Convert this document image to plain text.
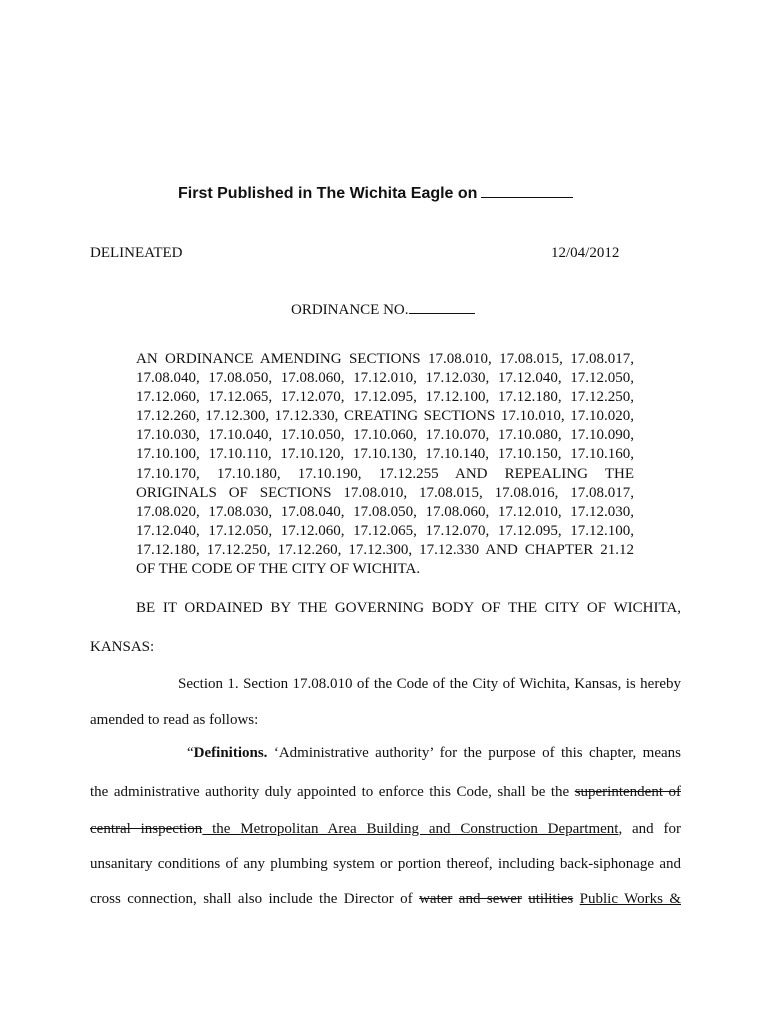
First Published in The Wichita Eagle on
DELINEATED	12/04/2012
ORDINANCE NO.
AN ORDINANCE AMENDING SECTIONS 17.08.010, 17.08.015, 17.08.017,
17.08.040, 17.08.050, 17.08.060, 17.12.010, 17.12.030, 17.12.040, 17.12.050,
17.12.060, 17.12.065, 17.12.070, 17.12.095, 17.12.100, 17.12.180, 17.12.250,
17.12.260, 17.12.300, 17.12.330, CREATING SECTIONS 17.10.010, 17.10.020,
17.10.030, 17.10.040, 17.10.050, 17.10.060, 17.10.070, 17.10.080, 17.10.090,
17.10.100, 17.10.110, 17.10.120, 17.10.130, 17.10.140, 17.10.150, 17.10.160,
17.10.170, 17.10.180, 17.10.190, 17.12.255 AND REPEALING THE
ORIGINALS OF SECTIONS 17.08.010, 17.08.015, 17.08.016, 17.08.017,
17.08.020, 17.08.030, 17.08.040, 17.08.050, 17.08.060, 17.12.010, 17.12.030,
17.12.040, 17.12.050, 17.12.060, 17.12.065, 17.12.070, 17.12.095, 17.12.100,
17.12.180, 17.12.250, 17.12.260, 17.12.300, 17.12.330 AND CHAPTER 21.12
OF THE CODE OF THE CITY OF WICHITA.
BE IT ORDAINED BY THE GOVERNING BODY OF THE CITY OF WICHITA,
KANSAS:
Section 1. Section 17.08.010 of the Code of the City of Wichita, Kansas, is hereby
amended to read as follows:
“Definitions. ‘Administrative authority’ for the purpose of this chapter, means
the administrative authority duly appointed to enforce this Code, shall be the superintendent of
central inspection the Metropolitan Area Building and Construction Department, and for
unsanitary conditions of any plumbing system or portion thereof, including back-siphonage and
cross connection, shall also include the Director of water and sewer utilities Public Works &
